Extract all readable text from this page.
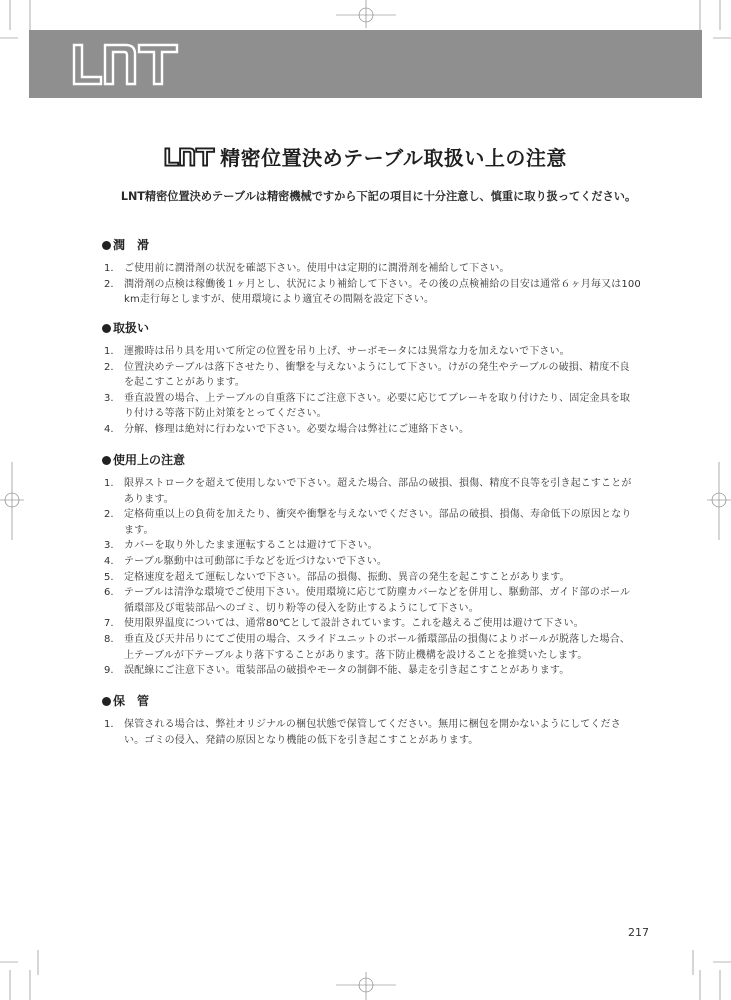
精密位置決めテーブル取扱い上の注意
LNT精密位置決めテーブルは精密機械ですから下記の項目に十分注意し、慎重に取り扱ってください。
潤　滑
1.	ご使用前に潤滑剤の状況を確認下さい。使用中は定期的に潤滑剤を補給して下さい。
2.	潤滑剤の点検は稼働後１ヶ月とし、状況により補給して下さい。その後の点検補給の目安は通常６ヶ月毎又は100
km走行毎としますが、使用環境により適宜その間隔を設定下さい。
取扱い
1.	運搬時は吊り具を用いて所定の位置を吊り上げ、サーボモータには異常な力を加えないで下さい。
2.	位置決めテーブルは落下させたり、衝撃を与えないようにして下さい。けがの発生やテーブルの破損、精度不良
を起こすことがあります。
3.	垂直設置の場合、上テーブルの自重落下にご注意下さい。必要に応じてブレーキを取り付けたり、固定金具を取
り付ける等落下防止対策をとってください。
4.	分解、修理は絶対に行わないで下さい。必要な場合は弊社にご連絡下さい。
使用上の注意
1.	限界ストロークを超えて使用しないで下さい。超えた場合、部品の破損、損傷、精度不良等を引き起こすことが
あります。
2.	定格荷重以上の負荷を加えたり、衝突や衝撃を与えないでください。部品の破損、損傷、寿命低下の原因となり
ます。
3.	カバーを取り外したまま運転することは避けて下さい。
4.	テーブル駆動中は可動部に手などを近づけないで下さい。
5.	定格速度を超えて運転しないで下さい。部品の損傷、振動、異音の発生を起こすことがあります。
6.	テーブルは清浄な環境でご使用下さい。使用環境に応じて防塵カバーなどを併用し、駆動部、ガイド部のボール
循環部及び電装部品へのゴミ、切り粉等の侵入を防止するようにして下さい。
7.	使用限界温度については、通常80℃として設計されています。これを越えるご使用は避けて下さい。
8.	垂直及び天井吊りにてご使用の場合、スライドユニットのボール循環部品の損傷によりボールが脱落した場合、
上テーブルが下テーブルより落下することがあります。落下防止機構を設けることを推奨いたします。
9.	誤配線にご注意下さい。電装部品の破損やモータの制御不能、暴走を引き起こすことがあります。
保　管
1.	保管される場合は、弊社オリジナルの梱包状態で保管してください。無用に梱包を開かないようにしてくださ
い。ゴミの侵入、発錆の原因となり機能の低下を引き起こすことがあります。
217
